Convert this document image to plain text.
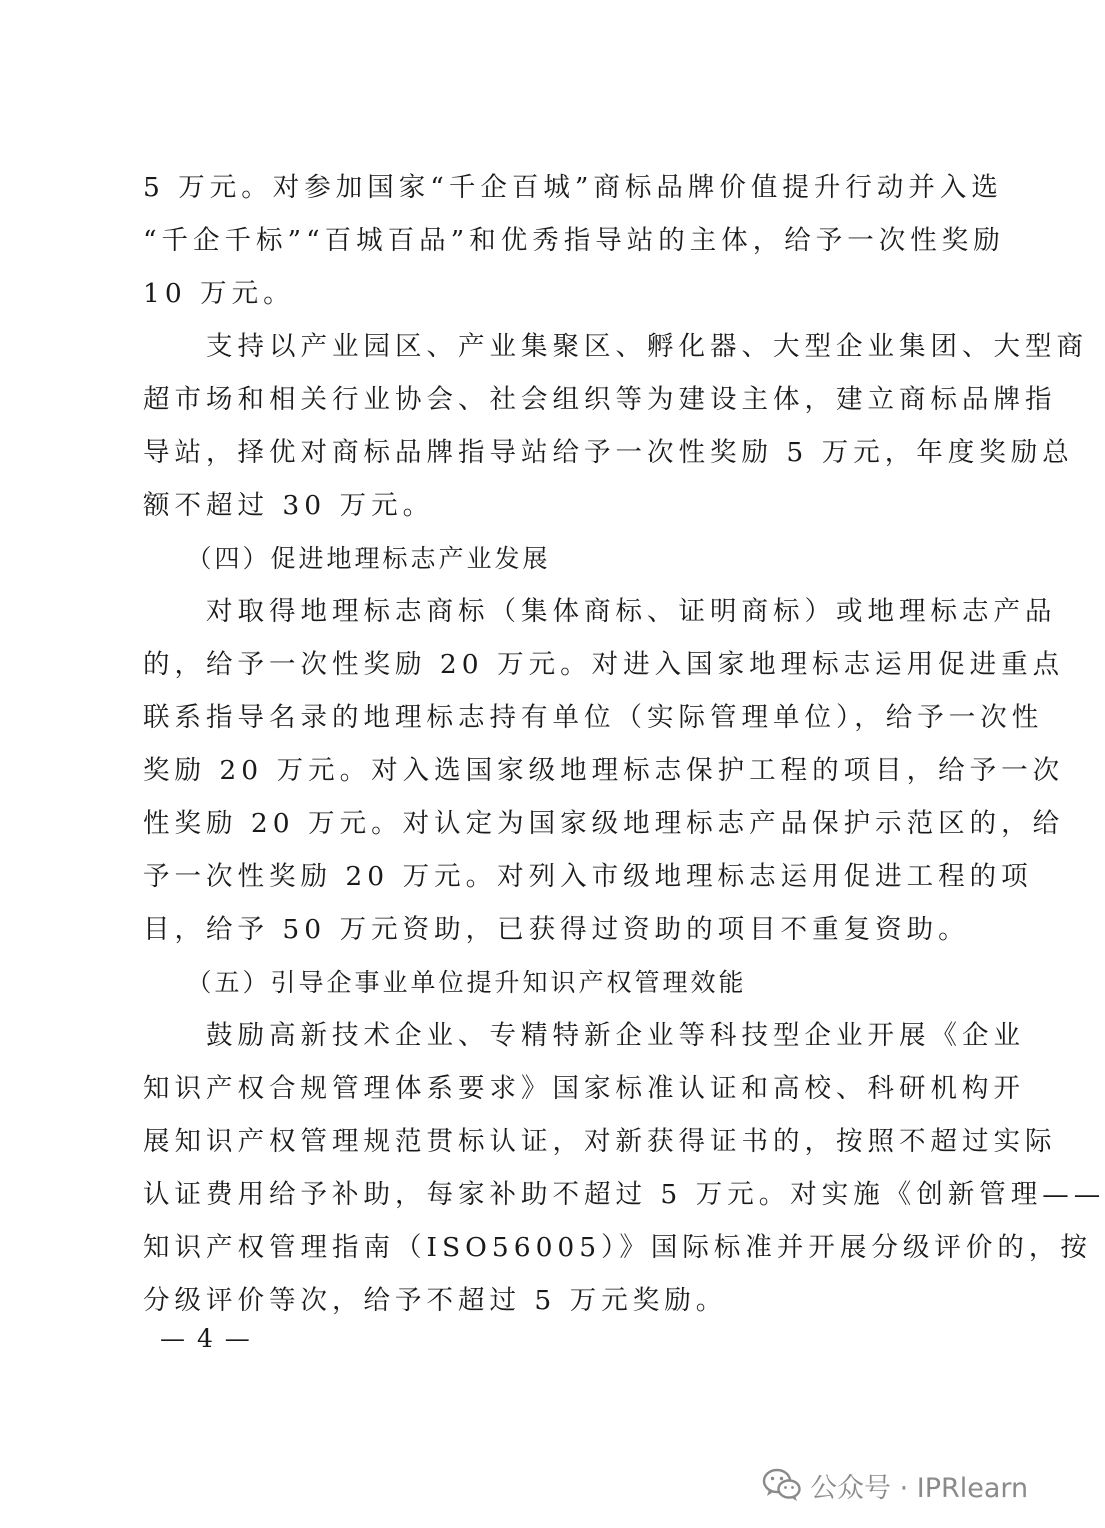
5 万元。对参加国家“千企百城”商标品牌价值提升行动并入选
“千企千标”“百城百品”和优秀指导站的主体，给予一次性奖励
10 万元。
　　支持以产业园区、产业集聚区、孵化器、大型企业集团、大型商
超市场和相关行业协会、社会组织等为建设主体，建立商标品牌指
导站，择优对商标品牌指导站给予一次性奖励 5 万元，年度奖励总
额不超过 30 万元。
　　（四）促进地理标志产业发展
　　对取得地理标志商标（集体商标、证明商标）或地理标志产品
的，给予一次性奖励 20 万元。对进入国家地理标志运用促进重点
联系指导名录的地理标志持有单位（实际管理单位），给予一次性
奖励 20 万元。对入选国家级地理标志保护工程的项目，给予一次
性奖励 20 万元。对认定为国家级地理标志产品保护示范区的，给
予一次性奖励 20 万元。对列入市级地理标志运用促进工程的项
目，给予 50 万元资助，已获得过资助的项目不重复资助。
　　（五）引导企事业单位提升知识产权管理效能
　　鼓励高新技术企业、专精特新企业等科技型企业开展《企业
知识产权合规管理体系要求》国家标准认证和高校、科研机构开
展知识产权管理规范贯标认证，对新获得证书的，按照不超过实际
认证费用给予补助，每家补助不超过 5 万元。对实施《创新管理——
知识产权管理指南（ISO56005）》国际标准并开展分级评价的，按
分级评价等次，给予不超过 5 万元奖励。
— 4 —
公众号 · IPRlearn
